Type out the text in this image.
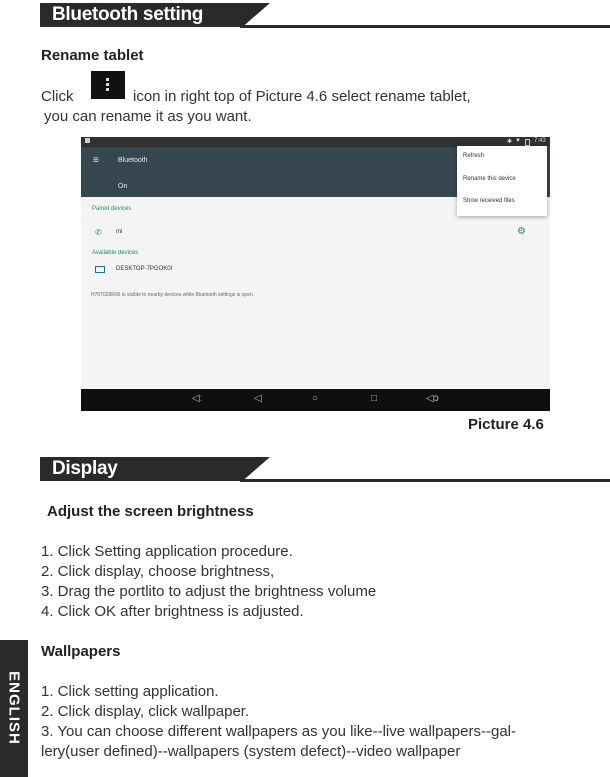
Bluetooth setting
Rename tablet
Click	icon in right top of Picture 4.6 select rename tablet,
you can rename it as you want.
✱ ▼ 7:43
≡	Bluetooth
On
Paired devices
✆ mi	⚙
Available devices
DESKTOP-7PGOK0I
H707029R06 is visible to nearby devices while Bluetooth settings is open.
Refresh
Rename this device
Show received files
◁ː	◁	○	□	◁ɔ
Picture 4.6
Display
Adjust the screen brightness
1. Click Setting application procedure.
2. Click display, choose brightness,
3. Drag the portlito to adjust the brightness volume
4. Click OK after brightness is adjusted.
Wallpapers
1. Click setting application.
2. Click display, click wallpaper.
3. You can choose different wallpapers as you like--live wallpapers--gal-
lery(user defined)--wallpapers (system defect)--video wallpaper
ENGLISH
